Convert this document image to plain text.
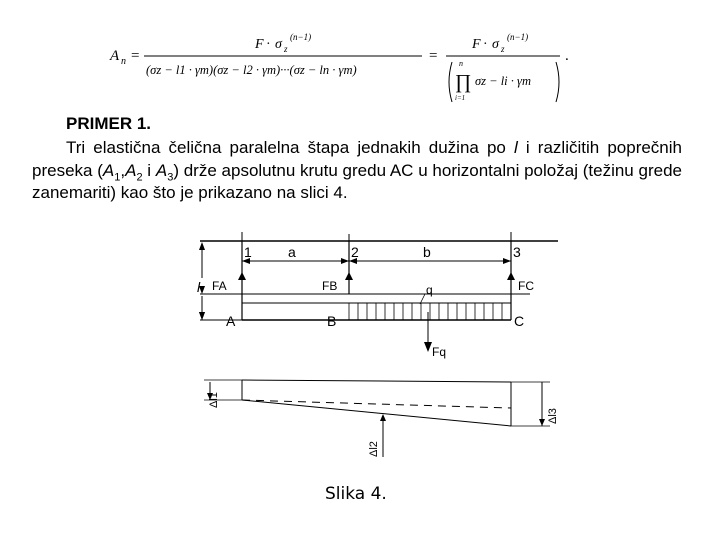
A n =
F · σ z
(n−1)
(σz − l1 · γm)(σz − l2 · γm)···(σz − ln · γm)
=
F · σ z
(n−1)
n
∏
i=1
σz − li · γm
.

PRIMER 1.

Tri elastična čelična paralelna štapa jednakih dužina po l i različitih poprečnih preseka ($A_1,A_2$ i $A_3$) drže apsolutnu krutu gredu AC u horizontalni položaj (težinu grede zanemariti) kao što je prikazano na slici 4.

1	2	3
a	b
l FA	FB	FC
q
A	B	C
Fq
Δl1
Δl2
Δl3

Slika 4.
